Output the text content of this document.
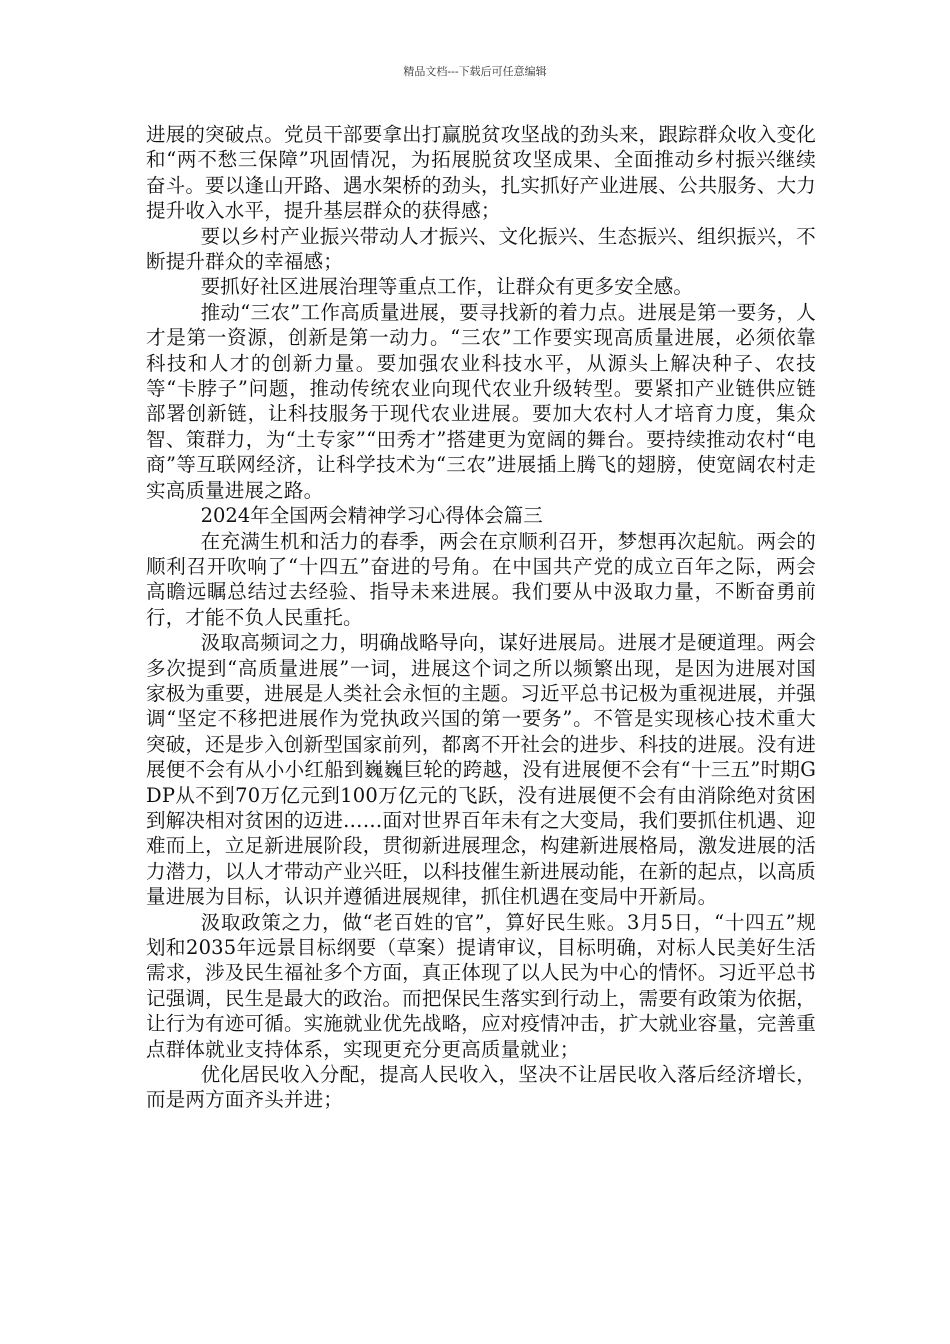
精品文档---下载后可任意编辑

进展的突破点。党员干部要拿出打赢脱贫攻坚战的劲头来，跟踪群众收入变化和“两不愁三保障”巩固情况，为拓展脱贫攻坚成果、全面推动乡村振兴继续奋斗。要以逢山开路、遇水架桥的劲头，扎实抓好产业进展、公共服务、大力提升收入水平，提升基层群众的获得感；

要以乡村产业振兴带动人才振兴、文化振兴、生态振兴、组织振兴，不断提升群众的幸福感；

要抓好社区进展治理等重点工作，让群众有更多安全感。

推动“三农”工作高质量进展，要寻找新的着力点。进展是第一要务，人才是第一资源，创新是第一动力。“三农”工作要实现高质量进展，必须依靠科技和人才的创新力量。要加强农业科技水平，从源头上解决种子、农技等“卡脖子”问题，推动传统农业向现代农业升级转型。要紧扣产业链供应链部署创新链，让科技服务于现代农业进展。要加大农村人才培育力度，集众智、策群力，为“土专家”“田秀才”搭建更为宽阔的舞台。要持续推动农村“电商”等互联网经济，让科学技术为“三农”进展插上腾飞的翅膀，使宽阔农村走实高质量进展之路。

2024年全国两会精神学习心得体会篇三

在充满生机和活力的春季，两会在京顺利召开，梦想再次起航。两会的顺利召开吹响了“十四五”奋进的号角。在中国共产党的成立百年之际，两会高瞻远瞩总结过去经验、指导未来进展。我们要从中汲取力量，不断奋勇前行，才能不负人民重托。

汲取高频词之力，明确战略导向，谋好进展局。进展才是硬道理。两会多次提到“高质量进展”一词，进展这个词之所以频繁出现，是因为进展对国家极为重要，进展是人类社会永恒的主题。习近平总书记极为重视进展，并强调“坚定不移把进展作为党执政兴国的第一要务”。不管是实现核心技术重大突破，还是步入创新型国家前列，都离不开社会的进步、科技的进展。没有进展便不会有从小小红船到巍巍巨轮的跨越，没有进展便不会有“十三五”时期GDP从不到70万亿元到100万亿元的飞跃，没有进展便不会有由消除绝对贫困到解决相对贫困的迈进……面对世界百年未有之大变局，我们要抓住机遇、迎难而上，立足新进展阶段，贯彻新进展理念，构建新进展格局，激发进展的活力潜力，以人才带动产业兴旺，以科技催生新进展动能，在新的起点，以高质量进展为目标，认识并遵循进展规律，抓住机遇在变局中开新局。

汲取政策之力，做“老百姓的官”，算好民生账。3月5日，“十四五”规划和2035年远景目标纲要（草案）提请审议，目标明确，对标人民美好生活需求，涉及民生福祉多个方面，真正体现了以人民为中心的情怀。习近平总书记强调，民生是最大的政治。而把保民生落实到行动上，需要有政策为依据，让行为有迹可循。实施就业优先战略，应对疫情冲击，扩大就业容量，完善重点群体就业支持体系，实现更充分更高质量就业；

优化居民收入分配，提高人民收入，坚决不让居民收入落后经济增长，而是两方面齐头并进；
